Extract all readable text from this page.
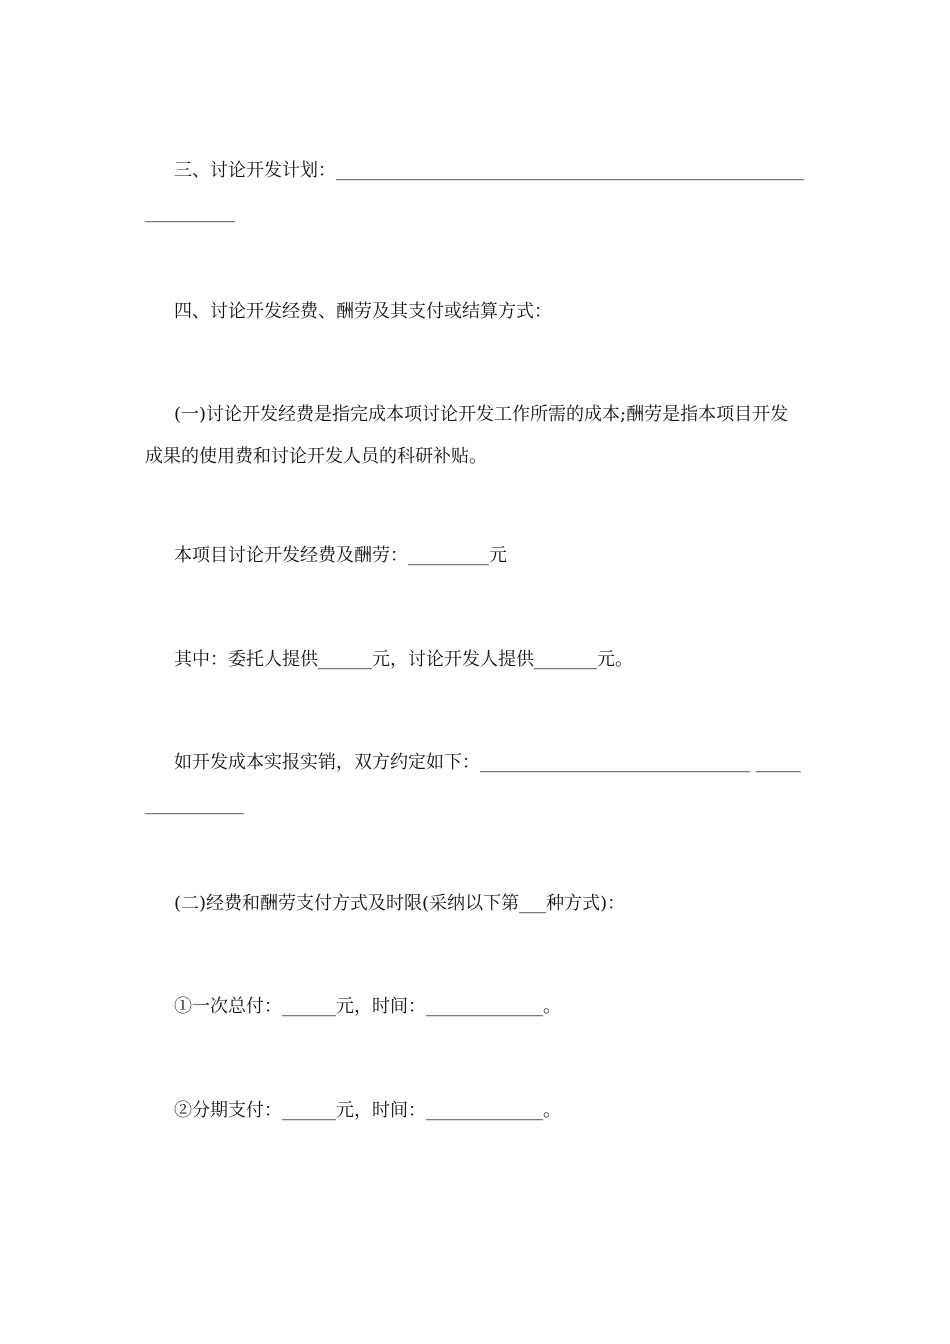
三、讨论开发计划：______________________________________________________________
四、讨论开发经费、酬劳及其支付或结算方式：
(一)讨论开发经费是指完成本项讨论开发工作所需的成本;酬劳是指本项目开发成果的使用费和讨论开发人员的科研补贴。
本项目讨论开发经费及酬劳：_________元
其中：委托人提供______元，讨论开发人提供_______元。
如开发成本实报实销，双方约定如下：______________________________ ________________
(二)经费和酬劳支付方式及时限(采纳以下第___种方式)：
①一次总付：______元，时间：_____________。
②分期支付：______元，时间：_____________。
